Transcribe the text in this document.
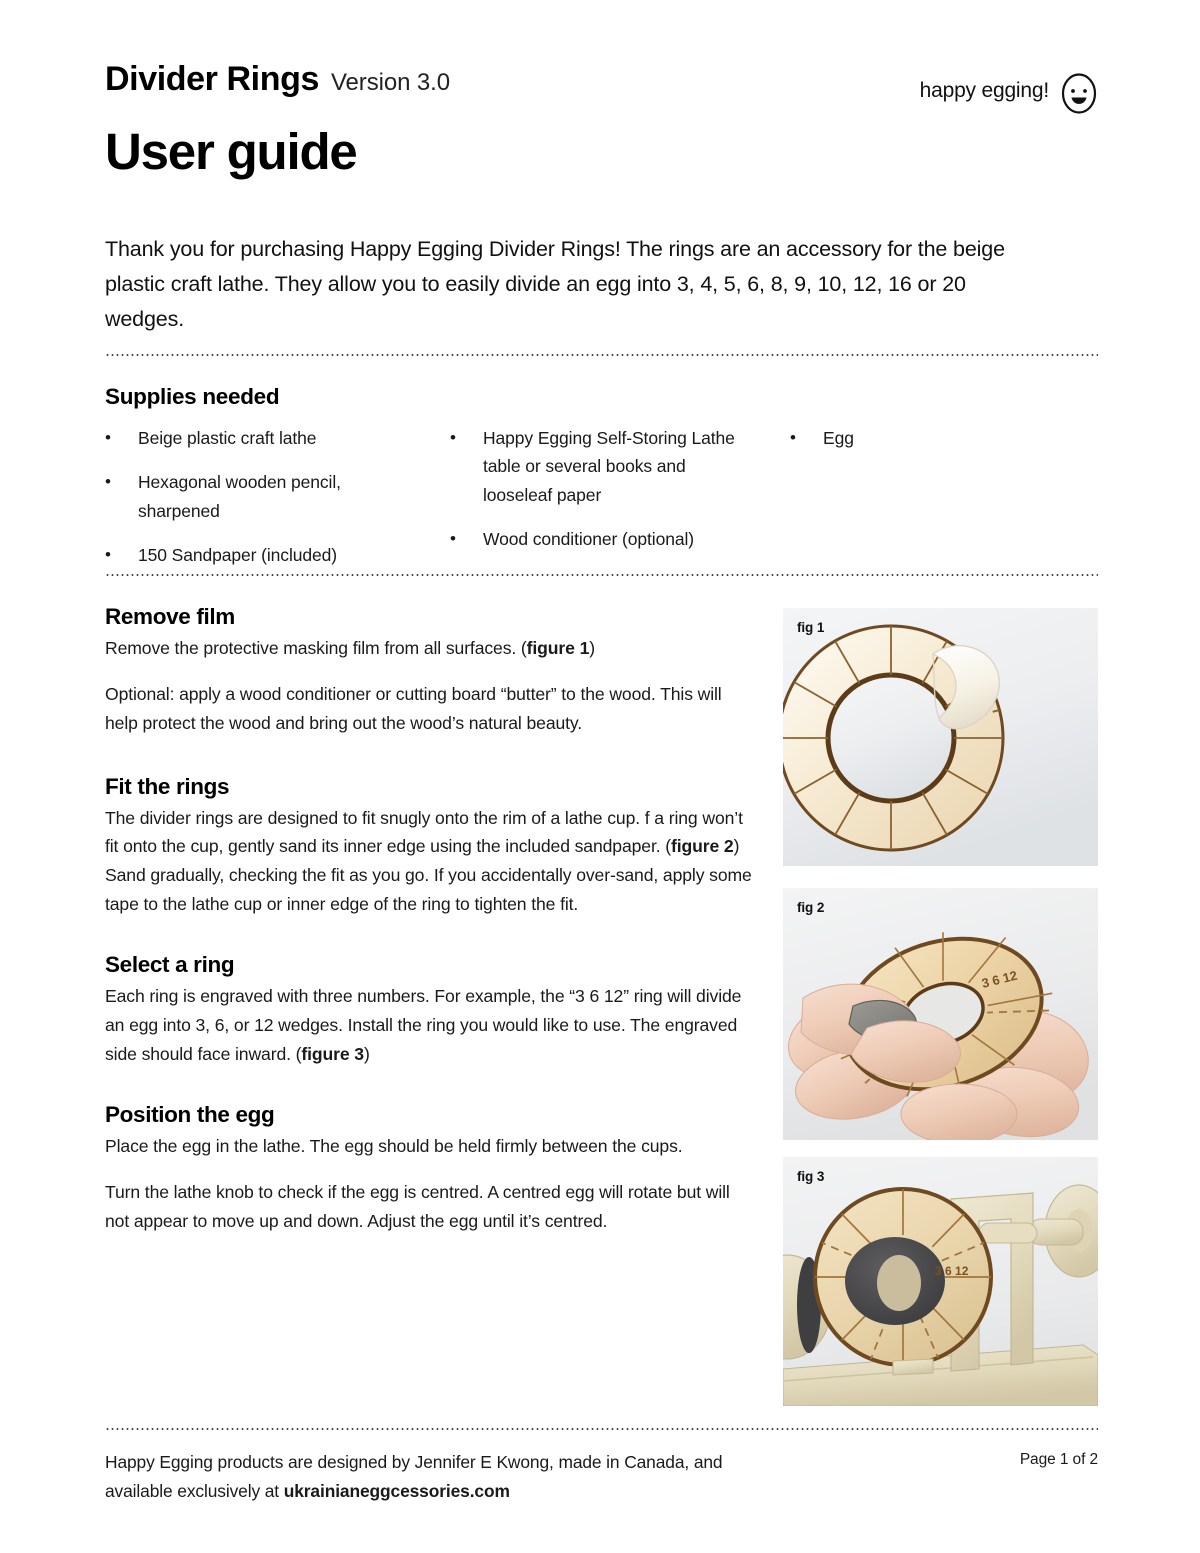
Divider Rings Version 3.0	happy egging!
User guide
Thank you for purchasing Happy Egging Divider Rings! The rings are an accessory for the beige plastic craft lathe. They allow you to easily divide an egg into 3, 4, 5, 6, 8, 9, 10, 12, 16 or 20 wedges.
Supplies needed
•	Beige plastic craft lathe
•	Hexagonal wooden pencil, sharpened
•	150 Sandpaper (included)
•	Happy Egging Self-Storing Lathe table or several books and looseleaf paper
•	Wood conditioner (optional)
•	Egg
Remove film

Remove the protective masking film from all surfaces. (figure 1)

Optional: apply a wood conditioner or cutting board “butter” to the wood. This will help protect the wood and bring out the wood’s natural beauty.

Fit the rings

The divider rings are designed to fit snugly onto the rim of a lathe cup. f a ring won’t fit onto the cup, gently sand its inner edge using the included sandpaper. (figure 2) Sand gradually, checking the fit as you go. If you accidentally over-sand, apply some tape to the lathe cup or inner edge of the ring to tighten the fit.

Select a ring

Each ring is engraved with three numbers. For example, the “3 6 12” ring will divide an egg into 3, 6, or 12 wedges. Install the ring you would like to use. The engraved side should face inward. (figure 3)

Position the egg

Place the egg in the lathe. The egg should be held firmly between the cups.

Turn the lathe knob to check if the egg is centred. A centred egg will rotate but will not appear to move up and down. Adjust the egg until it’s centred.

fig 1
3 6 12
fig 2
3 6 12
fig 3
Happy Egging products are designed by Jennifer E Kwong, made in Canada, and available exclusively at ukrainianeggcessories.com
Page 1 of 2
